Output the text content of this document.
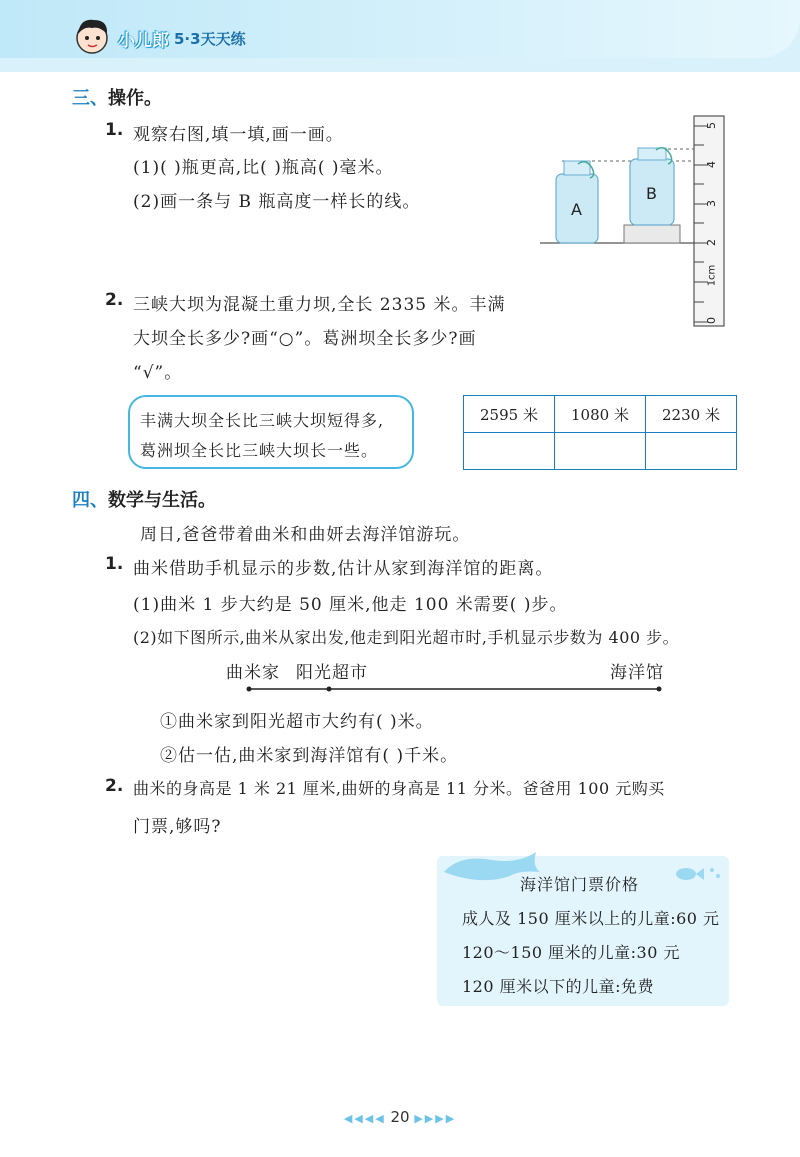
小儿郎 5·3天天练
三、操作。
1. 观察右图,填一填,画一画。
(1)( )瓶更高,比( )瓶高( )毫米。
(2)画一条与 B 瓶高度一样长的线。	A
B
0
1cm
2
3
4
5
2. 三峡大坝为混凝土重力坝,全长 2335 米。丰满
大坝全长多少?画“○”。葛洲坝全长多少?画
“√”。
丰满大坝全长比三峡大坝短得多,
葛洲坝全长比三峡大坝长一些。
2595 米	1080 米	2230 米

四、数学与生活。
周日,爸爸带着曲米和曲妍去海洋馆游玩。
1. 曲米借助手机显示的步数,估计从家到海洋馆的距离。
(1)曲米 1 步大约是 50 厘米,他走 100 米需要( )步。
(2)如下图所示,曲米从家出发,他走到阳光超市时,手机显示步数为 400 步。
曲米家 阳光超市	海洋馆
①曲米家到阳光超市大约有( )米。
②估一估,曲米家到海洋馆有( )千米。
2. 曲米的身高是 1 米 21 厘米,曲妍的身高是 11 分米。爸爸用 100 元购买
门票,够吗?
海洋馆门票价格
成人及 150 厘米以上的儿童:60 元
120～150 厘米的儿童:30 元
120 厘米以下的儿童:免费
◀◀◀◀ 20 ▶▶▶▶
